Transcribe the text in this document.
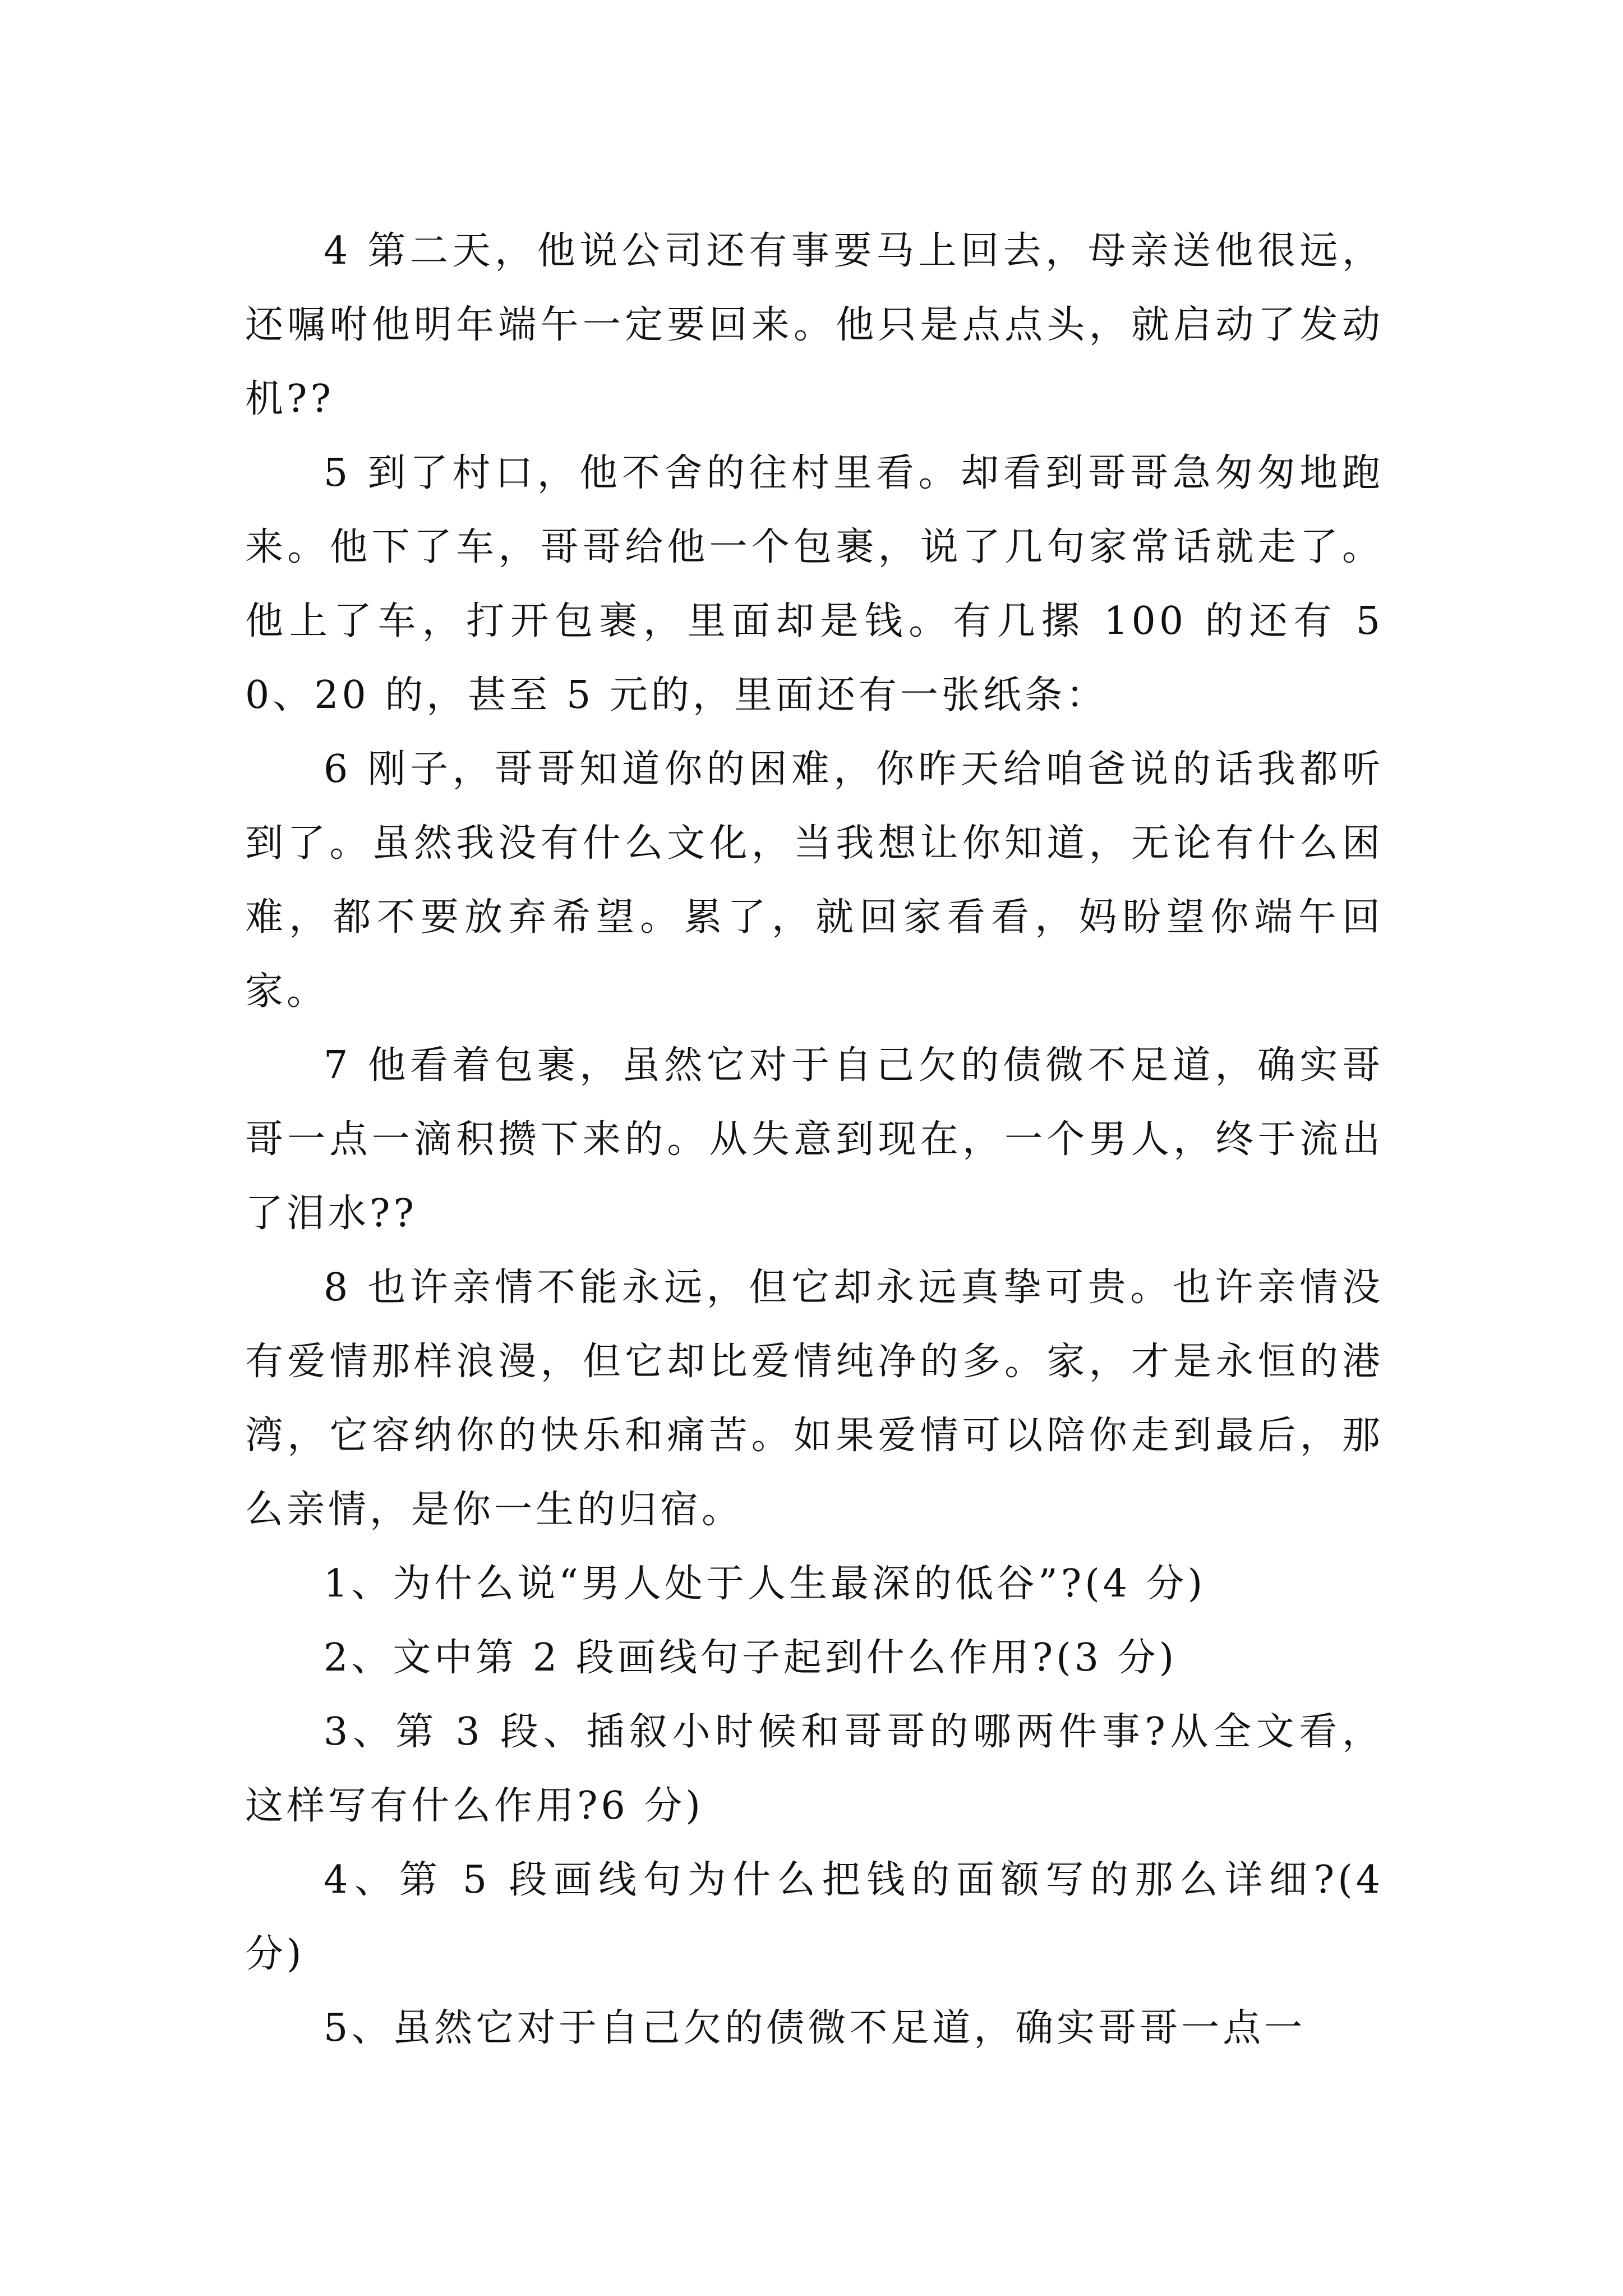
4 第二天，他说公司还有事要马上回去，母亲送他很远，还嘱咐他明年端午一定要回来。他只是点点头，就启动了发动机??

5 到了村口，他不舍的往村里看。却看到哥哥急匆匆地跑来。他下了车，哥哥给他一个包裹，说了几句家常话就走了。他上了车，打开包裹，里面却是钱。有几摞 100 的还有 50、20 的，甚至 5 元的，里面还有一张纸条：

6 刚子，哥哥知道你的困难，你昨天给咱爸说的话我都听到了。虽然我没有什么文化，当我想让你知道，无论有什么困难，都不要放弃希望。累了，就回家看看，妈盼望你端午回家。

7 他看着包裹，虽然它对于自己欠的债微不足道，确实哥哥一点一滴积攒下来的。从失意到现在，一个男人，终于流出了泪水??

8 也许亲情不能永远，但它却永远真挚可贵。也许亲情没有爱情那样浪漫，但它却比爱情纯净的多。家，才是永恒的港湾，它容纳你的快乐和痛苦。如果爱情可以陪你走到最后，那么亲情，是你一生的归宿。

1、为什么说“男人处于人生最深的低谷”?(4 分)

2、文中第 2 段画线句子起到什么作用?(3 分)

3、第 3 段、插叙小时候和哥哥的哪两件事?从全文看，这样写有什么作用?6 分)

4、第 5 段画线句为什么把钱的面额写的那么详细?(4 分)

5、虽然它对于自己欠的债微不足道，确实哥哥一点一
